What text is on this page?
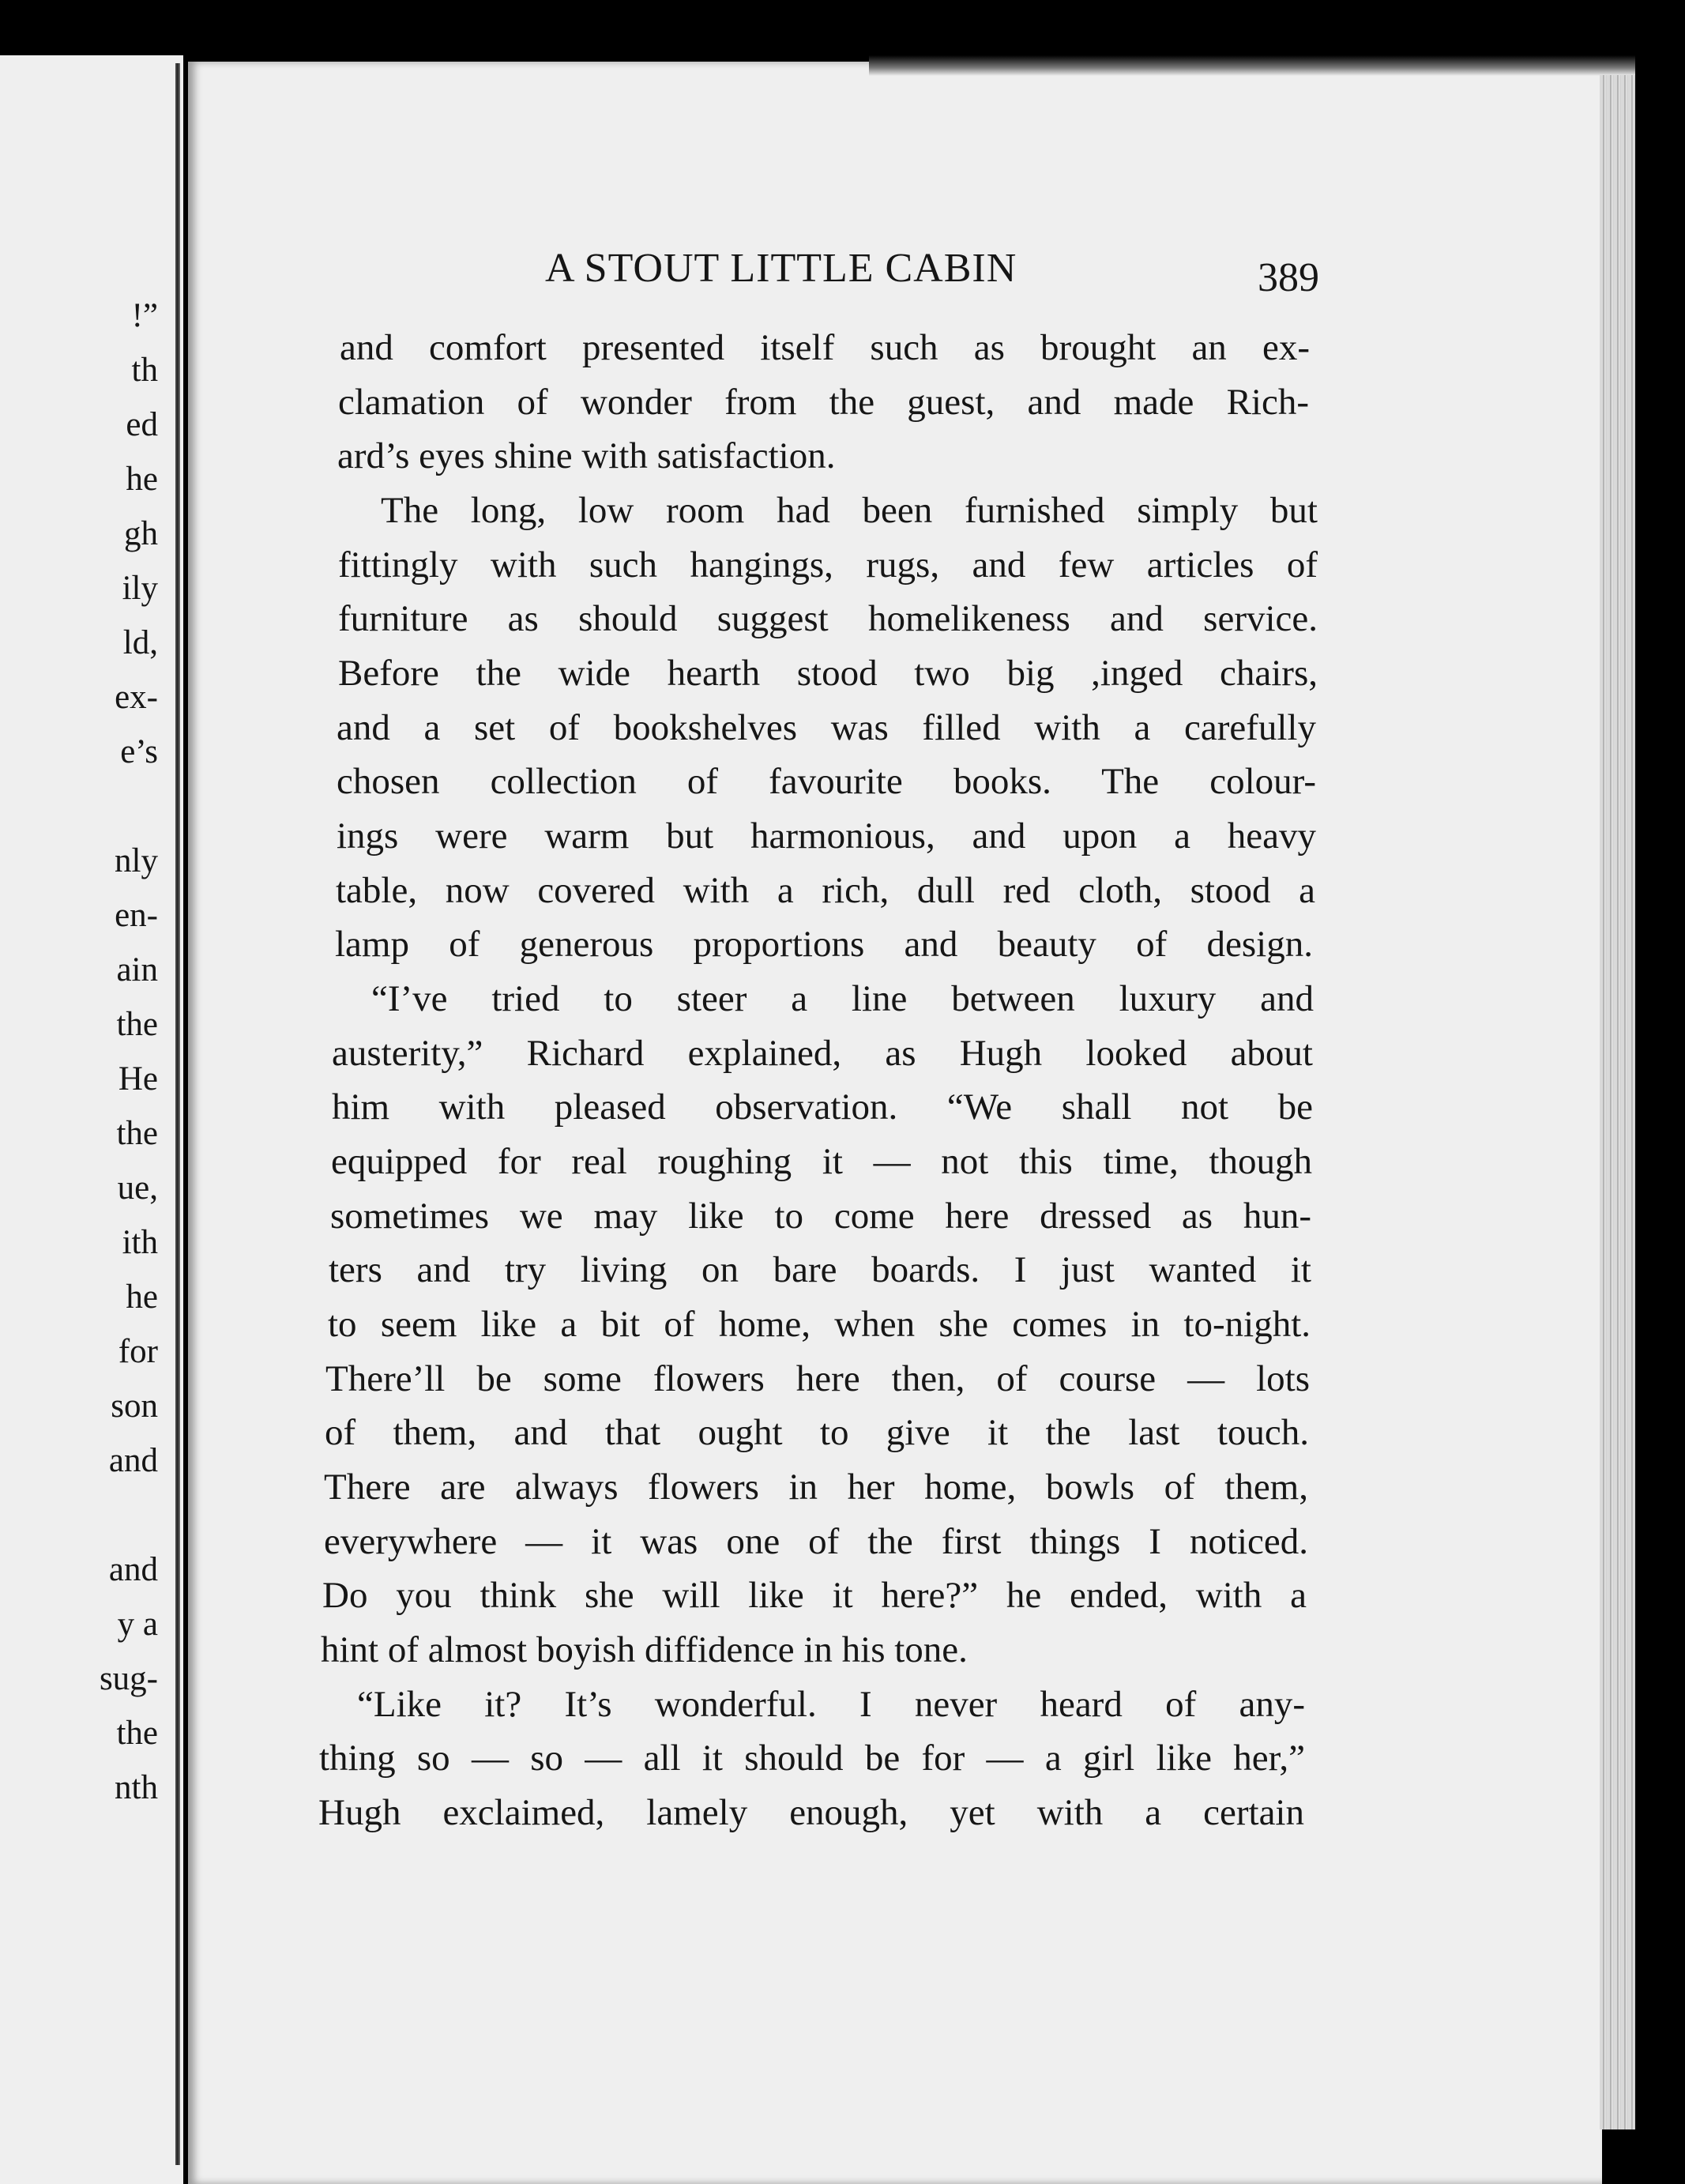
!”
th
ed
he
gh
ily
ld,
ex-
e’s
nly
en-
ain
the
He
the
ue,
ith
he
for
son
and
and
y a
sug-
the
nth
A STOUT LITTLE CABIN	389
and comfort presented itself such as brought an ex-
clamation of wonder from the guest, and made Rich-
ard’s eyes shine with satisfaction.
The long, low room had been furnished simply but
fittingly with such hangings, rugs, and few articles of
furniture as should suggest homelikeness and service.
Before the wide hearth stood two big ,inged chairs,
and a set of bookshelves was filled with a carefully
chosen collection of favourite books. The colour-
ings were warm but harmonious, and upon a heavy
table, now covered with a rich, dull red cloth, stood a
lamp of generous proportions and beauty of design.
“I’ve tried to steer a line between luxury and
austerity,” Richard explained, as Hugh looked about
him with pleased observation. “We shall not be
equipped for real roughing it — not this time, though
sometimes we may like to come here dressed as hun-
ters and try living on bare boards. I just wanted it
to seem like a bit of home, when she comes in to-night.
There’ll be some flowers here then, of course — lots
of them, and that ought to give it the last touch.
There are always flowers in her home, bowls of them,
everywhere — it was one of the first things I noticed.
Do you think she will like it here?” he ended, with a
hint of almost boyish diffidence in his tone.
“Like it? It’s wonderful. I never heard of any-
thing so — so — all it should be for — a girl like her,”
Hugh exclaimed, lamely enough, yet with a certain
